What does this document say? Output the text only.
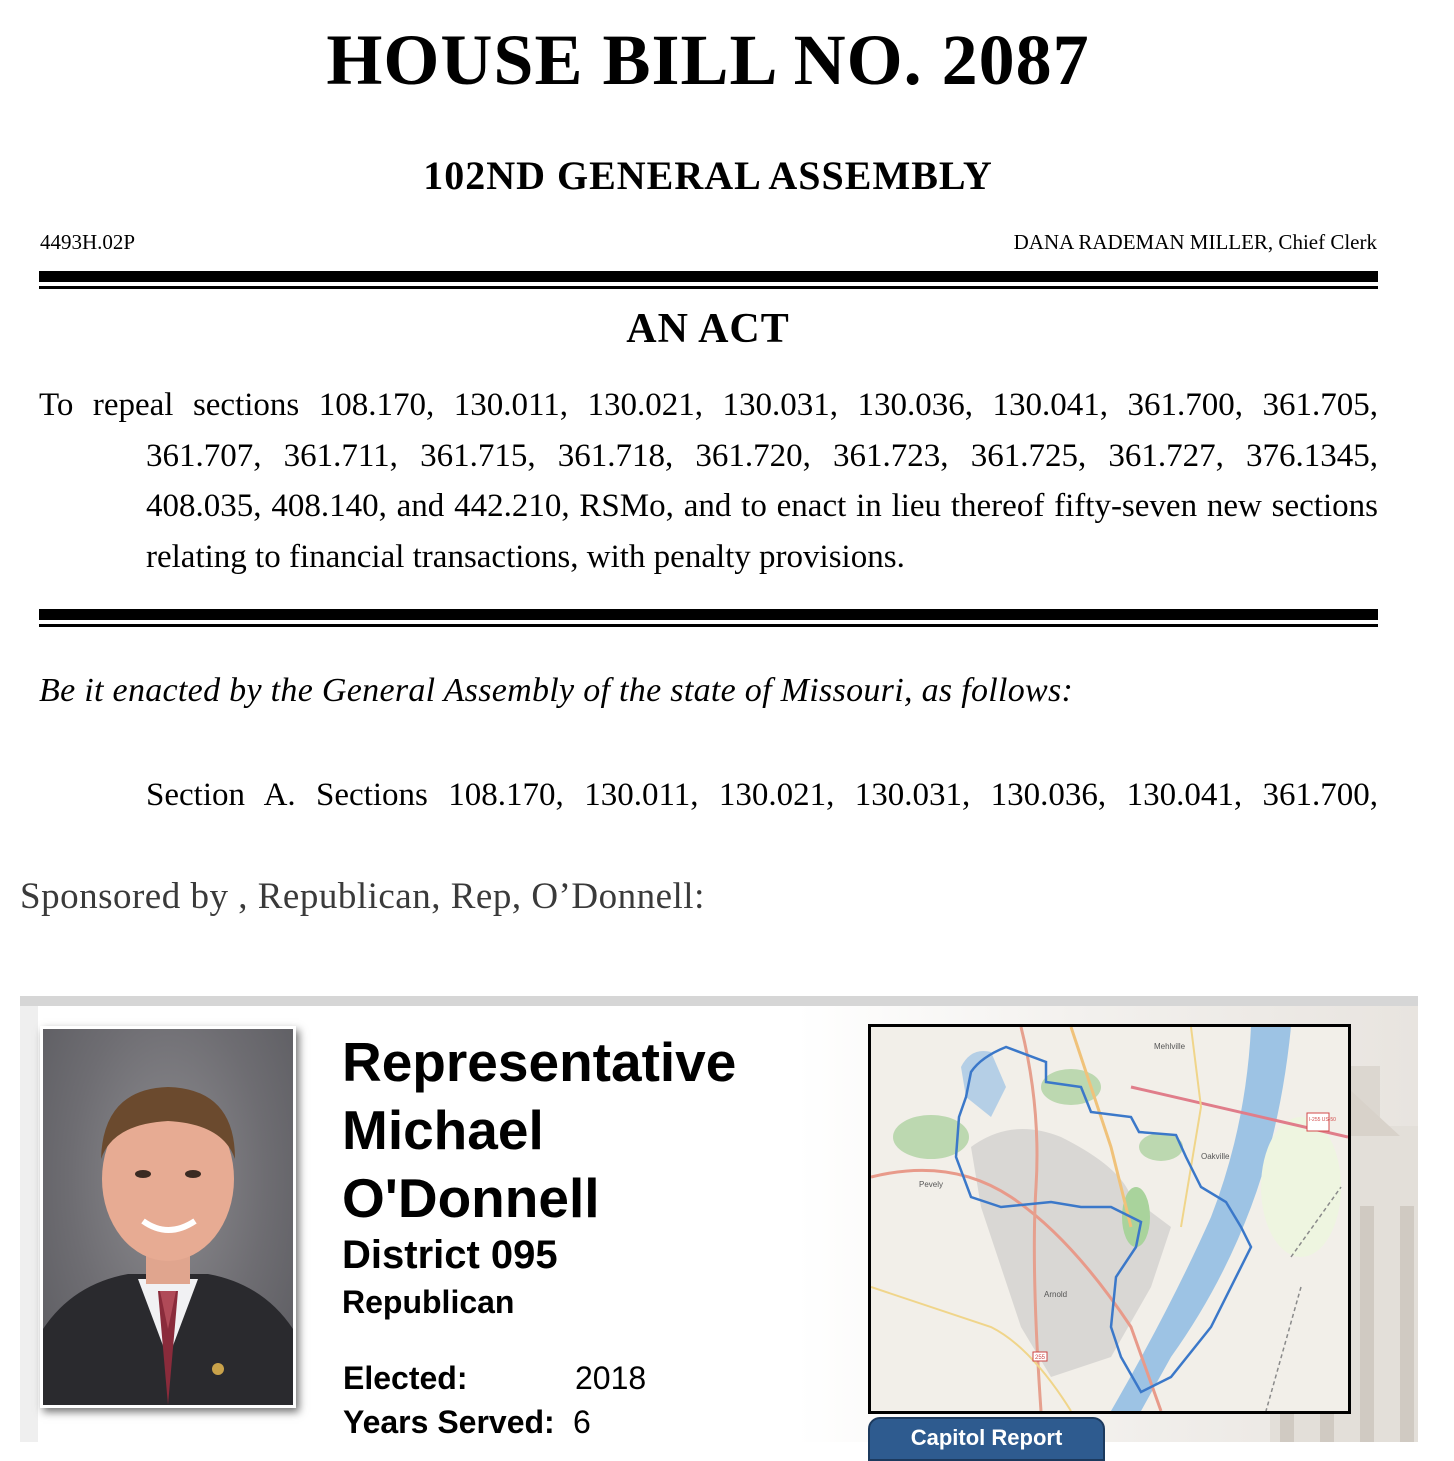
HOUSE BILL NO. 2087
102ND GENERAL ASSEMBLY
4493H.02P	DANA RADEMAN MILLER, Chief Clerk
AN ACT
To repeal sections 108.170, 130.011, 130.021, 130.031, 130.036, 130.041, 361.700, 361.705, 361.707, 361.711, 361.715, 361.718, 361.720, 361.723, 361.725, 361.727, 376.1345, 408.035, 408.140, and 442.210, RSMo, and to enact in lieu thereof fifty-seven new sections relating to financial transactions, with penalty provisions.
Be it enacted by the General Assembly of the state of Missouri, as follows:
Section A. Sections 108.170, 130.011, 130.021, 130.031, 130.036, 130.041, 361.700,
Sponsored by , Republican, Rep, O’Donnell:
Representative
Michael
O'Donnell
District 095
Republican
Elected:	2018
Years Served: 6
Mehlville
Oakville
Arnold
Pevely
I-255 US-50
255
Capitol Report
